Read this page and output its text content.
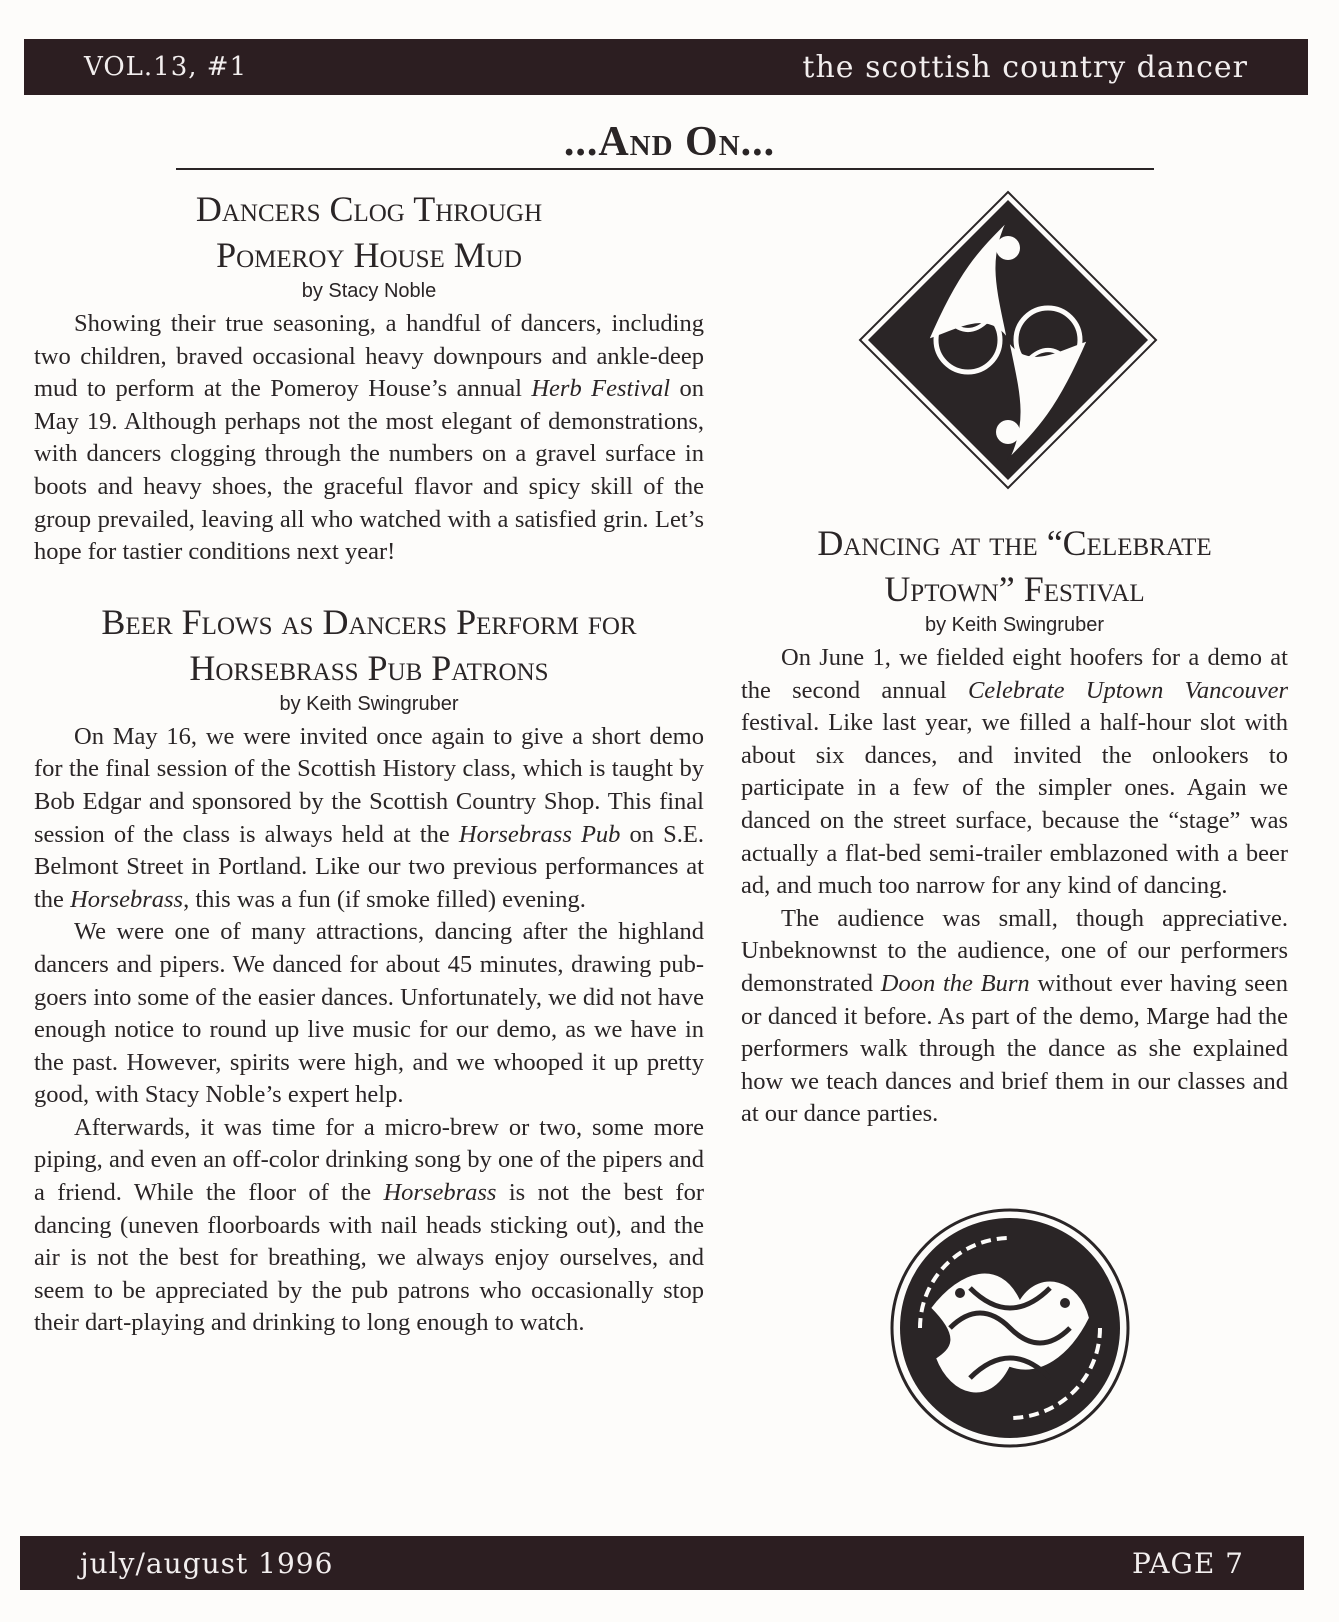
VOL.13, #1	the scottish country dancer
...And On...
Dancers Clog Through
Pomeroy House Mud
by Stacy Noble

Showing their true seasoning, a handful of dancers, including two children, braved occasional heavy downpours and ankle-deep mud to perform at the Pomeroy House’s annual Herb Festival on May 19. Although perhaps not the most elegant of demonstrations, with dancers clogging through the numbers on a gravel surface in boots and heavy shoes, the graceful flavor and spicy skill of the group prevailed, leaving all who watched with a satisfied grin. Let’s hope for tastier conditions next year!

Beer Flows as Dancers Perform for
Horsebrass Pub Patrons
by Keith Swingruber

On May 16, we were invited once again to give a short demo for the final session of the Scottish History class, which is taught by Bob Edgar and sponsored by the Scottish Country Shop. This final session of the class is always held at the Horsebrass Pub on S.E. Belmont Street in Portland. Like our two previous performances at the Horsebrass, this was a fun (if smoke filled) evening.

We were one of many attractions, dancing after the highland dancers and pipers. We danced for about 45 minutes, drawing pub-goers into some of the easier dances. Unfortunately, we did not have enough notice to round up live music for our demo, as we have in the past. However, spirits were high, and we whooped it up pretty good, with Stacy Noble’s expert help.

Afterwards, it was time for a micro-brew or two, some more piping, and even an off-color drinking song by one of the pipers and a friend. While the floor of the Horsebrass is not the best for dancing (uneven floorboards with nail heads sticking out), and the air is not the best for breathing, we always enjoy ourselves, and seem to be appreciated by the pub patrons who occasionally stop their dart-playing and drinking to long enough to watch.

Dancing at the “Celebrate
Uptown” Festival
by Keith Swingruber

On June 1, we fielded eight hoofers for a demo at the second annual Celebrate Uptown Vancouver festival. Like last year, we filled a half-hour slot with about six dances, and invited the onlookers to participate in a few of the simpler ones. Again we danced on the street surface, because the “stage” was actually a flat-bed semi-trailer emblazoned with a beer ad, and much too narrow for any kind of dancing.

The audience was small, though appreciative. Unbeknownst to the audience, one of our performers demonstrated Doon the Burn without ever having seen or danced it before. As part of the demo, Marge had the performers walk through the dance as she explained how we teach dances and brief them in our classes and at our dance parties.

july/august 1996	PAGE 7
